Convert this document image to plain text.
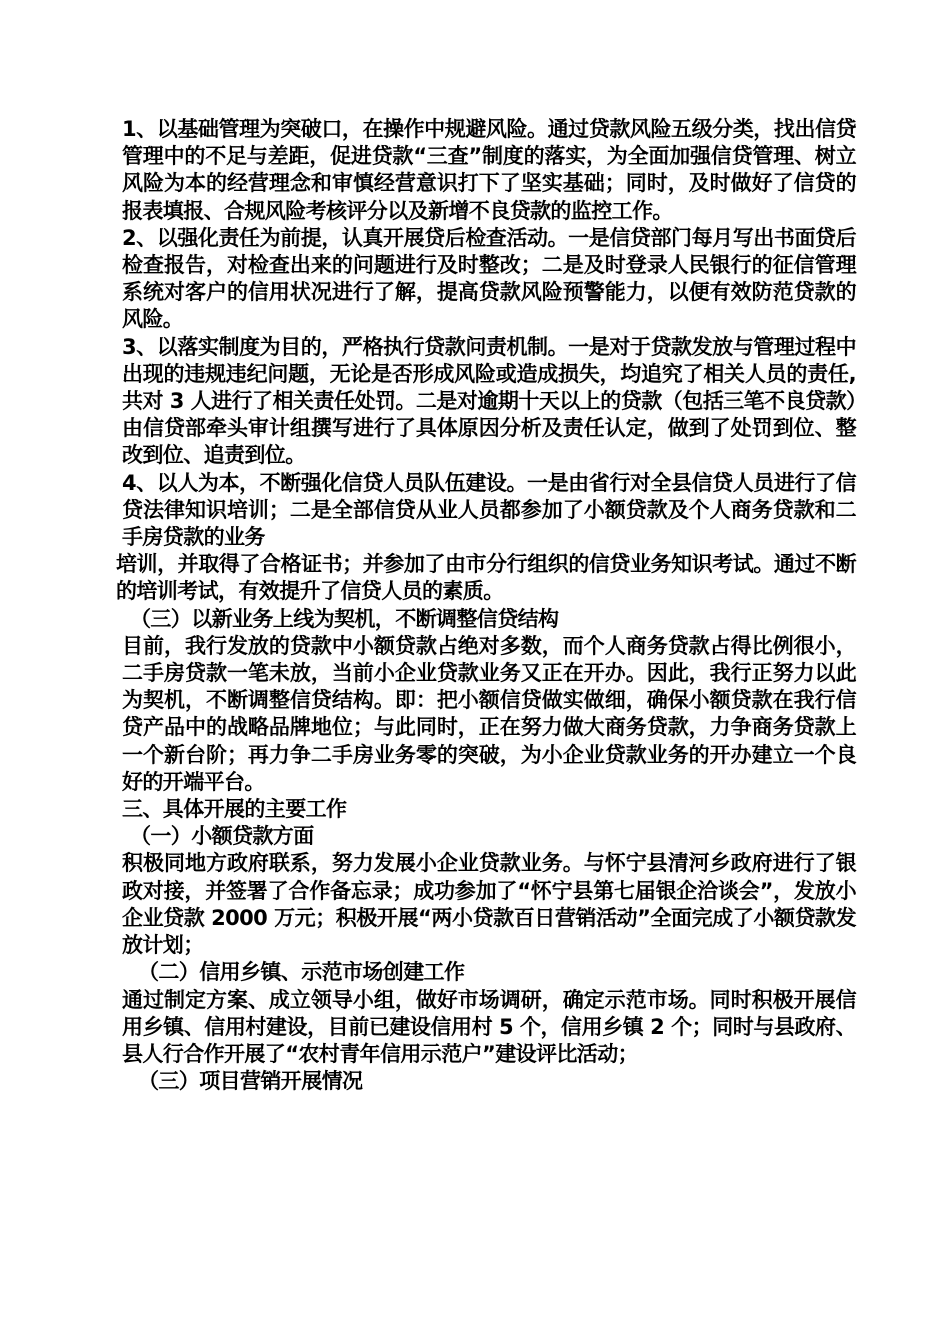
1、以基础管理为突破口，在操作中规避风险。通过贷款风险五级分类，找出信贷管理中的不足与差距，促进贷款“三查”制度的落实，为全面加强信贷管理、树立风险为本的经营理念和审慎经营意识打下了坚实基础；同时，及时做好了信贷的报表填报、合规风险考核评分以及新增不良贷款的监控工作。

2、以强化责任为前提，认真开展贷后检查活动。一是信贷部门每月写出书面贷后检查报告，对检查出来的问题进行及时整改；二是及时登录人民银行的征信管理系统对客户的信用状况进行了解，提高贷款风险预警能力，以便有效防范贷款的风险。

3、以落实制度为目的，严格执行贷款问责机制。一是对于贷款发放与管理过程中出现的违规违纪问题，无论是否形成风险或造成损失，均追究了相关人员的责任,共对 3 人进行了相关责任处罚。二是对逾期十天以上的贷款（包括三笔不良贷款）由信贷部牵头审计组撰写进行了具体原因分析及责任认定，做到了处罚到位、整改到位、追责到位。

4、以人为本，不断强化信贷人员队伍建设。一是由省行对全县信贷人员进行了信贷法律知识培训；二是全部信贷从业人员都参加了小额贷款及个人商务贷款和二手房贷款的业务

培训，并取得了合格证书；并参加了由市分行组织的信贷业务知识考试。通过不断的培训考试，有效提升了信贷人员的素质。

（三）以新业务上线为契机，不断调整信贷结构

目前，我行发放的贷款中小额贷款占绝对多数，而个人商务贷款占得比例很小，二手房贷款一笔未放，当前小企业贷款业务又正在开办。因此，我行正努力以此为契机，不断调整信贷结构。即：把小额信贷做实做细，确保小额贷款在我行信贷产品中的战略品牌地位；与此同时，正在努力做大商务贷款，力争商务贷款上一个新台阶；再力争二手房业务零的突破，为小企业贷款业务的开办建立一个良好的开端平台。

三、具体开展的主要工作

（一）小额贷款方面

积极同地方政府联系，努力发展小企业贷款业务。与怀宁县清河乡政府进行了银政对接，并签署了合作备忘录；成功参加了“怀宁县第七届银企洽谈会”，发放小企业贷款 2000 万元；积极开展“两小贷款百日营销活动”全面完成了小额贷款发放计划；

（二）信用乡镇、示范市场创建工作

通过制定方案、成立领导小组，做好市场调研，确定示范市场。同时积极开展信用乡镇、信用村建设，目前已建设信用村 5 个，信用乡镇 2 个；同时与县政府、县人行合作开展了“农村青年信用示范户”建设评比活动；

（三）项目营销开展情况
